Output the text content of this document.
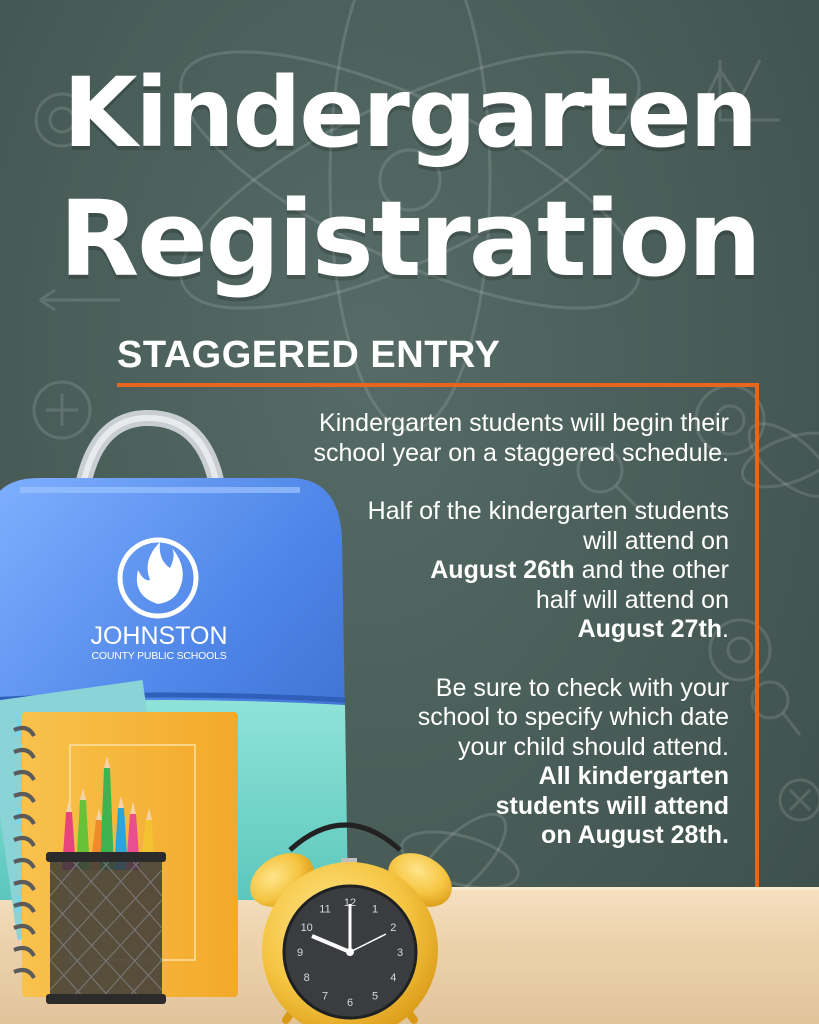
Kindergarten
Registration
STAGGERED ENTRY

Kindergarten students will begin their
school year on a staggered schedule.

Half of the kindergarten students
will attend on
August 26th and the other
half will attend on
August 27th.

Be sure to check with your
school to specify which date
your child should attend.
All kindergarten
students will attend
on August 28th.

12
1
2
3
4
5
6
7
8
9
10
11
JOHNSTON
COUNTY PUBLIC SCHOOLS
